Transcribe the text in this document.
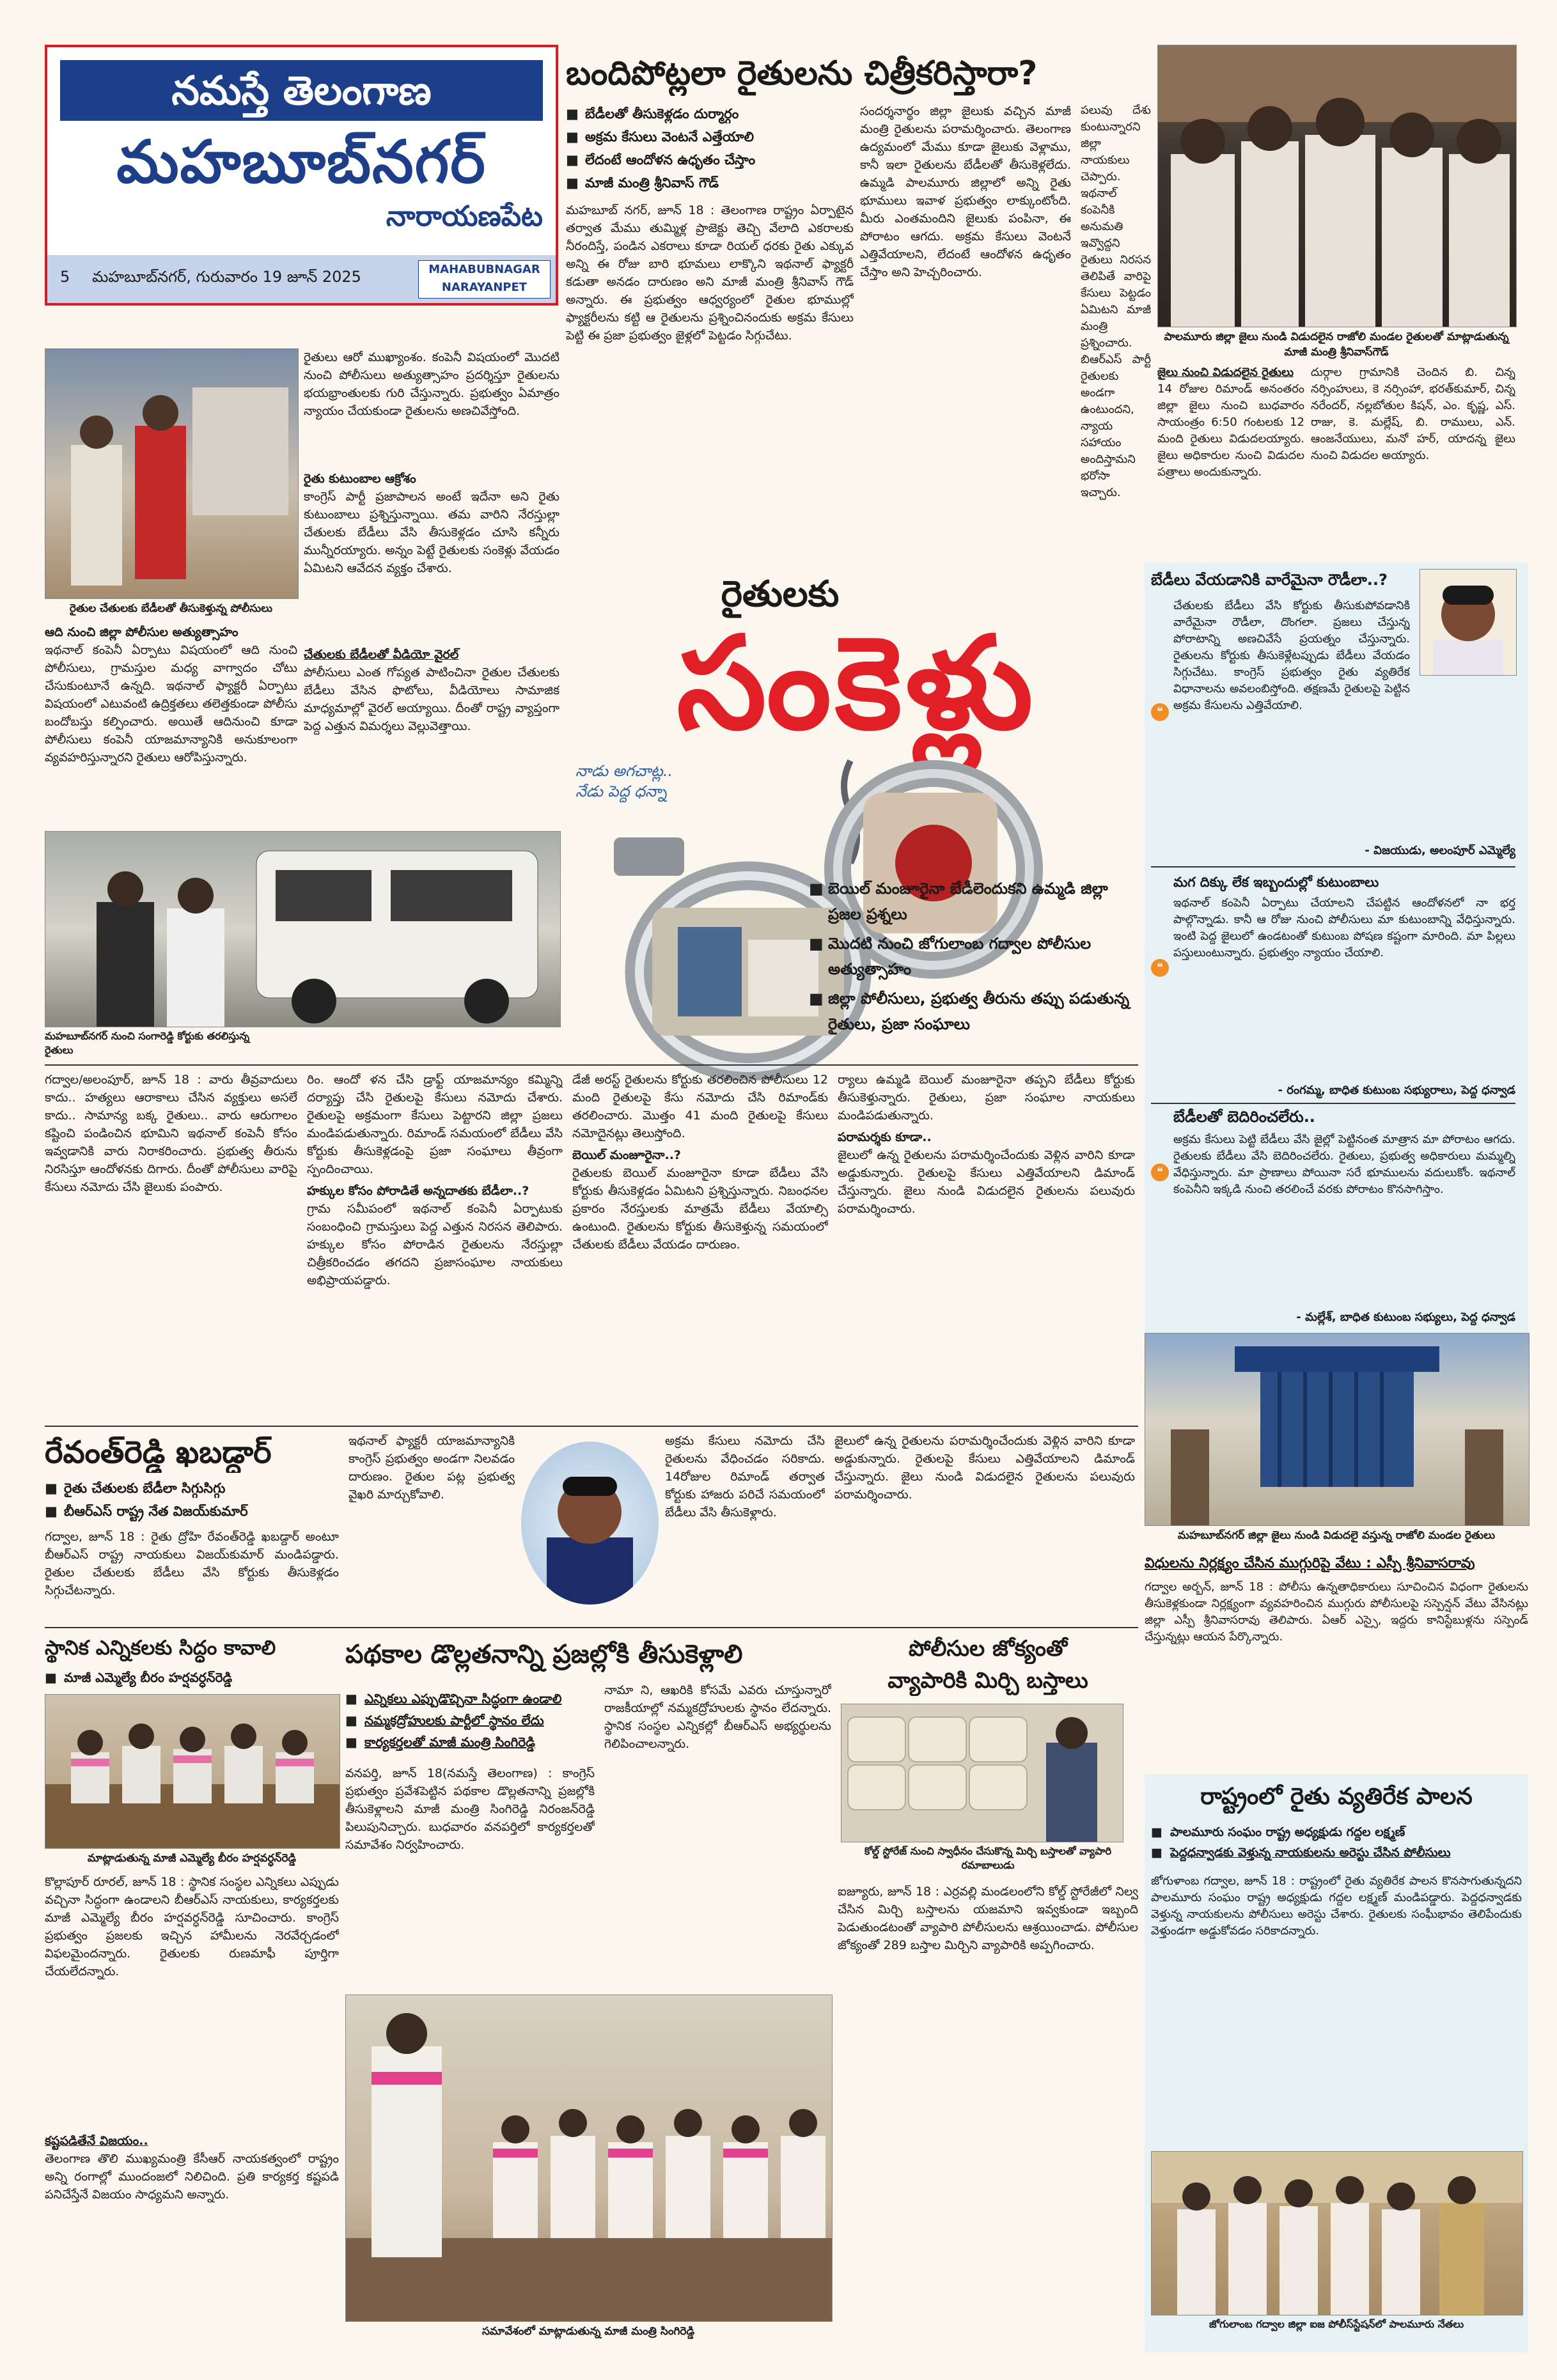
నమస్తే తెలంగాణ
మహబూబ్‌నగర్
నారాయణపేట
5 మహబూబ్‌నగర్, గురువారం 19 జూన్ 2025	MAHABUBNAGAR
NARAYANPET
బందిపోట్లలా రైతులను చిత్రీకరిస్తారా?
■ బేడీలతో తీసుకెళ్లడం దుర్మార్గం
■ అక్రమ కేసులు వెంటనే ఎత్తేయాలి
■ లేదంటే ఆందోళన ఉధృతం చేస్తాం
■ మాజీ మంత్రి శ్రీనివాస్ గౌడ్
మహబూబ్ నగర్, జూన్ 18 : తెలంగాణ రాష్ట్రం ఏర్పాటైన తర్వాత మేము తుమ్మిళ్ల ప్రాజెక్టు తెచ్చి వేలాది ఎకరాలకు నీరందిస్తే, పండిన ఎకరాలు కూడా రియల్ ధరకు రైతు ఎక్కువ అన్ని ఈ రోజు బారి భూమలు లాక్కొని ఇథనాల్ ఫ్యాక్టరీ కడుతా అనడం దారుణం అని మాజీ మంత్రి శ్రీనివాస్ గౌడ్ అన్నారు. ఈ ప్రభుత్వం ఆధ్వర్యంలో రైతుల భూముల్లో ఫ్యాక్టరీలను కట్టి ఆ రైతులను ప్రశ్నించినందుకు అక్రమ కేసులు పెట్టి ఈ ప్రజా ప్రభుత్వం జైళ్లలో పెట్టడం సిగ్గుచేటు.
సందర్శనార్థం జిల్లా జైలుకు వచ్చిన మాజీ మంత్రి రైతులను పరామర్శించారు. తెలంగాణ ఉద్యమంలో మేము కూడా జైలుకు వెళ్లాము, కానీ ఇలా రైతులను బేడీలతో తీసుకెళ్లలేదు. ఉమ్మడి పాలమూరు జిల్లాలో అన్ని రైతు భూములు ఇవాళ ప్రభుత్వం లాక్కుంటోంది. మీరు ఎంతమందిని జైలుకు పంపినా, ఈ పోరాటం ఆగదు. అక్రమ కేసులు వెంటనే ఎత్తివేయాలని, లేదంటే ఆందోళన ఉధృతం చేస్తాం అని హెచ్చరించారు.
పలువు దేశు కుంటున్నారని జిల్లా నాయకులు చెప్పారు. ఇథనాల్ కంపెనీకి అనుమతి ఇవ్వొద్దని రైతులు నిరసన తెలిపితే వారిపై కేసులు పెట్టడం ఏమిటని మాజీ మంత్రి ప్రశ్నించారు. బిఆర్ఎస్ పార్టీ రైతులకు అండగా ఉంటుందని, న్యాయ సహాయం అందిస్తామని భరోసా ఇచ్చారు.
పాలమూరు జిల్లా జైలు నుండి విడుదలైన రాజోలి మండల రైతులతో మాట్లాడుతున్న మాజీ మంత్రి శ్రీనివాస్‌గౌడ్
జైలు నుంచి విడుదలైన రైతులు
14 రోజుల రిమాండ్ అనంతరం జిల్లా జైలు నుంచి బుధవారం సాయంత్రం 6:50 గంటలకు 12 మంది రైతులు విడుదలయ్యారు. జైలు అధికారుల నుంచి విడుదల పత్రాలు అందుకున్నారు.
దుర్గాల గ్రామానికి చెందిన బి. చిన్న నర్సింహులు, కె నర్సింహా, భరత్‌కుమార్, చిన్న నరేందర్, నల్లబోతుల కిషన్, ఎం. కృష్ణ, ఎస్. రాజు, కె. మల్లేష్, బి. రాములు, ఎన్. ఆంజనేయులు, మనో హర్, యాదన్న జైలు నుంచి విడుదల అయ్యారు.
రైతుల చేతులకు బేడీలతో తీసుకెళ్తున్న పోలీసులు
రైతులు ఆరో ముఖ్యాంశం. కంపెనీ విషయంలో మొదటి నుంచి పోలీసులు అత్యుత్సాహం ప్రదర్శిస్తూ రైతులను భయభ్రాంతులకు గురి చేస్తున్నారు. ప్రభుత్వం ఏమాత్రం న్యాయం చేయకుండా రైతులను అణచివేస్తోంది.
రైతు కుటుంబాల ఆక్రోశం
కాంగ్రెస్ పార్టీ ప్రజాపాలన అంటే ఇదేనా అని రైతు కుటుంబాలు ప్రశ్నిస్తున్నాయి. తమ వారిని నేరస్తుల్లా చేతులకు బేడీలు వేసి తీసుకెళ్లడం చూసి కన్నీరు మున్నీరయ్యారు. అన్నం పెట్టే రైతులకు సంకెళ్లు వేయడం ఏమిటని ఆవేదన వ్యక్తం చేశారు.
చేతులకు బేడీలతో వీడియో వైరల్
పోలీసులు ఎంత గోప్యత పాటించినా రైతుల చేతులకు బేడీలు వేసిన ఫొటోలు, వీడియోలు సామాజిక మాధ్యమాల్లో వైరల్ అయ్యాయి. దీంతో రాష్ట్ర వ్యాప్తంగా పెద్ద ఎత్తున విమర్శలు వెల్లువెత్తాయి.
ఆది నుంచి జిల్లా పోలీసుల అత్యుత్సాహం
ఇథనాల్ కంపెనీ ఏర్పాటు విషయంలో ఆది నుంచి పోలీసులు, గ్రామస్తుల మధ్య వాగ్వాదం చోటు చేసుకుంటూనే ఉన్నది. ఇథనాల్ ఫ్యాక్టరీ ఏర్పాటు విషయంలో ఎటువంటి ఉద్రిక్తతలు తలెత్తకుండా పోలీసు బందోబస్తు కల్పించారు. అయితే ఆదినుంచి కూడా పోలీసులు కంపెనీ యాజమాన్యానికి అనుకూలంగా వ్యవహరిస్తున్నారని రైతులు ఆరోపిస్తున్నారు.
మహబూబ్‌నగర్ నుంచి సంగారెడ్డి కోర్టుకు తరలిస్తున్న రైతులు
రైతులకు
సంకెళ్లు
నాడు అగచాట్ల.. నేడు పెద్ద ధన్నా
■ బెయిల్ మంజూరైనా బేడీలెందుకని ఉమ్మడి జిల్లా ప్రజల ప్రశ్నలు
■ మొదటి నుంచి జోగులాంబ గద్వాల పోలీసుల అత్యుత్సాహం
■ జిల్లా పోలీసులు, ప్రభుత్వ తీరును తప్పు పడుతున్న రైతులు, ప్రజా సంఘాలు
బేడీలు వేయడానికి వారేమైనా రౌడీలా..?
❝
చేతులకు బేడీలు వేసి కోర్టుకు తీసుకుపోవడానికి వారేమైనా రౌడీలా, దొంగలా. ప్రజలు చేస్తున్న పోరాటాన్ని అణచివేసే ప్రయత్నం చేస్తున్నారు. రైతులను కోర్టుకు తీసుకెళ్లేటప్పుడు బేడీలు వేయడం సిగ్గుచేటు. కాంగ్రెస్ ప్రభుత్వం రైతు వ్యతిరేక విధానాలను అవలంబిస్తోంది. తక్షణమే రైతులపై పెట్టిన అక్రమ కేసులను ఎత్తివేయాలి.
- విజయుడు, అలంపూర్ ఎమ్మెల్యే
మగ దిక్కు లేక ఇబ్బందుల్లో కుటుంబాలు
❝
ఇథనాల్ కంపెనీ ఏర్పాటు చేయాలని చేపట్టిన ఆందోళనలో నా భర్త పాల్గొన్నాడు. కానీ ఆ రోజు నుంచి పోలీసులు మా కుటుంబాన్ని వేధిస్తున్నారు. ఇంటి పెద్ద జైలులో ఉండటంతో కుటుంబ పోషణ కష్టంగా మారింది. మా పిల్లలు పస్తులుంటున్నారు. ప్రభుత్వం న్యాయం చేయాలి.
- రంగమ్మ, బాధిత కుటుంబ సభ్యురాలు, పెద్ద ధన్వాడ
బేడీలతో బెదిరించలేరు..
❝
అక్రమ కేసులు పెట్టి బేడీలు వేసి జైల్లో పెట్టినంత మాత్రాన మా పోరాటం ఆగదు. రైతులకు బేడీలు వేసి బెదిరించలేరు. రైతులు, ప్రభుత్వ అధికారులు మమ్మల్ని వేధిస్తున్నారు. మా ప్రాణాలు పోయినా సరే భూములను వదులుకోం. ఇథనాల్ కంపెనీని ఇక్కడి నుంచి తరలించే వరకు పోరాటం కొనసాగిస్తాం.
- మల్లేశ్, బాధిత కుటుంబ సభ్యులు, పెద్ద ధన్వాడ
మహబూబ్‌నగర్ జిల్లా జైలు నుండి విడుదలై వస్తున్న రాజోలి మండల రైతులు
విధులను నిర్లక్ష్యం చేసిన ముగ్గురిపై వేటు : ఎస్పీ శ్రీనివాసరావు
గద్వాల అర్బన్, జూన్ 18 : పోలీసు ఉన్నతాధికారులు సూచించిన విధంగా రైతులను తీసుకెళ్లకుండా నిర్లక్ష్యంగా వ్యవహరించిన ముగ్గురు పోలీసులపై సస్పెన్షన్ వేటు వేసినట్లు జిల్లా ఎస్పీ శ్రీనివాసరావు తెలిపారు. ఏఆర్ ఎస్సై, ఇద్దరు కానిస్టేబుళ్లను సస్పెండ్ చేస్తున్నట్లు ఆయన పేర్కొన్నారు.
గద్వాల/అలంపూర్, జూన్ 18 : వారు తీవ్రవాదులు కాదు.. హత్యలు ఆరాకాలు చేసిన వ్యక్తులు అసలే కాదు.. సామాన్య బక్క రైతులు.. వారు ఆరుగాలం కష్టించి పండించిన భూమిని ఇథనాల్ కంపెనీ కోసం ఇవ్వడానికి వారు నిరాకరించారు. ప్రభుత్వ తీరును నిరసిస్తూ ఆందోళనకు దిగారు. దీంతో పోలీసులు వారిపై కేసులు నమోదు చేసి జైలుకు పంపారు.
రిం. ఆందో ళన చేసి డ్రాఫ్ట్ యాజమాన్యం కమ్మిన్ని దర్యాప్తు చేసి రైతులపై కేసులు నమోదు చేశారు. రైతులపై అక్రమంగా కేసులు పెట్టారని జిల్లా ప్రజలు మండిపడుతున్నారు. రిమాండ్ సమయంలో బేడీలు వేసి కోర్టుకు తీసుకెళ్లడంపై ప్రజా సంఘాలు తీవ్రంగా స్పందించాయి.
హక్కుల కోసం పోరాడితే అన్నదాతకు బేడీలా..?
గ్రామ సమీపంలో ఇథనాల్ కంపెనీ ఏర్పాటుకు సంబంధించి గ్రామస్తులు పెద్ద ఎత్తున నిరసన తెలిపారు. హక్కుల కోసం పోరాడిన రైతులను నేరస్తుల్లా చిత్రీకరించడం తగదని ప్రజాసంఘాల నాయకులు అభిప్రాయపడ్డారు.
డేజీ అరస్ట్ రైతులను కోర్టుకు తరలించిన పోలీసులు 12 మంది రైతులపై కేసు నమోదు చేసి రిమాండ్‌కు తరలించారు. మొత్తం 41 మంది రైతులపై కేసులు నమోదైనట్లు తెలుస్తోంది.
బెయిల్ మంజూరైనా..?
రైతులకు బెయిల్ మంజూరైనా కూడా బేడీలు వేసి కోర్టుకు తీసుకెళ్లడం ఏమిటని ప్రశ్నిస్తున్నారు. నిబంధనల ప్రకారం నేరస్తులకు మాత్రమే బేడీలు వేయాల్సి ఉంటుంది. రైతులను కోర్టుకు తీసుకెళ్తున్న సమయంలో చేతులకు బేడీలు వేయడం దారుణం.
ర్యాలు ఉమ్మడి బెయిల్ మంజూరైనా తప్పని బేడీలు కోర్టుకు తీసుకెళ్తున్నారు. రైతులు, ప్రజా సంఘాల నాయకులు మండిపడుతున్నారు.
పరామర్శకు కూడా..
జైలులో ఉన్న రైతులను పరామర్శించేందుకు వెళ్లిన వారిని కూడా అడ్డుకున్నారు. రైతులపై కేసులు ఎత్తివేయాలని డిమాండ్ చేస్తున్నారు. జైలు నుండి విడుదలైన రైతులను పలువురు పరామర్శించారు.
రేవంత్‌రెడ్డి ఖబడ్దార్
■ రైతు చేతులకు బేడీలా సిగ్గుసిగ్గు
■ బీఆర్ఎస్ రాష్ట్ర నేత విజయ్‌కుమార్
గద్వాల, జూన్ 18 : రైతు ద్రోహి రేవంత్‌రెడ్డి ఖబడ్దార్ అంటూ బీఆర్ఎస్ రాష్ట్ర నాయకులు విజయ్‌కుమార్ మండిపడ్డారు. రైతుల చేతులకు బేడీలు వేసి కోర్టుకు తీసుకెళ్లడం సిగ్గుచేటన్నారు.
ఇథనాల్ ఫ్యాక్టరీ యాజమాన్యానికి కాంగ్రెస్ ప్రభుత్వం అండగా నిలవడం దారుణం. రైతుల పట్ల ప్రభుత్వ వైఖరి మార్చుకోవాలి.
అక్రమ కేసులు నమోదు చేసి రైతులను వేధించడం సరికాదు. 14రోజుల రిమాండ్ తర్వాత కోర్టుకు హాజరు పరిచే సమయంలో బేడీలు వేసి తీసుకెళ్లారు.
జైలులో ఉన్న రైతులను పరామర్శించేందుకు వెళ్లిన వారిని కూడా అడ్డుకున్నారు. రైతులపై కేసులు ఎత్తివేయాలని డిమాండ్ చేస్తున్నారు. జైలు నుండి విడుదలైన రైతులను పలువురు పరామర్శించారు.
స్థానిక ఎన్నికలకు సిద్ధం కావాలి
■ మాజీ ఎమ్మెల్యే బీరం హర్షవర్ధన్‌రెడ్డి
మాట్లాడుతున్న మాజీ ఎమ్మెల్యే బీరం హర్షవర్ధన్‌రెడ్డి
కొల్లాపూర్ రూరల్, జూన్ 18 : స్థానిక సంస్థల ఎన్నికలు ఎప్పుడు వచ్చినా సిద్ధంగా ఉండాలని బీఆర్ఎస్ నాయకులు, కార్యకర్తలకు మాజీ ఎమ్మెల్యే బీరం హర్షవర్ధన్‌రెడ్డి సూచించారు. కాంగ్రెస్ ప్రభుత్వం ప్రజలకు ఇచ్చిన హామీలను నెరవేర్చడంలో విఫలమైందన్నారు. రైతులకు రుణమాఫీ పూర్తిగా చేయలేదన్నారు.
కష్టపడితేనే విజయం..
తెలంగాణ తొలి ముఖ్యమంత్రి కేసీఆర్ నాయకత్వంలో రాష్ట్రం అన్ని రంగాల్లో ముందంజలో నిలిచింది. ప్రతి కార్యకర్త కష్టపడి పనిచేస్తేనే విజయం సాధ్యమని అన్నారు.
పథకాల డొల్లతనాన్ని ప్రజల్లోకి తీసుకెళ్లాలి
■ ఎన్నికలు ఎప్పుడొచ్చినా సిద్ధంగా ఉండాలి
■ నమ్మకద్రోహులకు పార్టీలో స్థానం లేదు
■ కార్యకర్తలతో మాజీ మంత్రి సింగిరెడ్డి
వనపర్తి, జూన్ 18(నమస్తే తెలంగాణ) : కాంగ్రెస్ ప్రభుత్వం ప్రవేశపెట్టిన పథకాల డొల్లతనాన్ని ప్రజల్లోకి తీసుకెళ్లాలని మాజీ మంత్రి సింగిరెడ్డి నిరంజన్‌రెడ్డి పిలుపునిచ్చారు. బుధవారం వనపర్తిలో కార్యకర్తలతో సమావేశం నిర్వహించారు.
నామా ని, ఆఖరికి కోసమే ఎవరు చూస్తున్నారో రాజకీయాల్లో నమ్మకద్రోహులకు స్థానం లేదన్నారు. స్థానిక సంస్థల ఎన్నికల్లో బీఆర్ఎస్ అభ్యర్థులను గెలిపించాలన్నారు.
సమావేశంలో మాట్లాడుతున్న మాజీ మంత్రి సింగిరెడ్డి
పోలీసుల జోక్యంతో
వ్యాపారికి మిర్చి బస్తాలు
కోల్డ్ స్టోరేజ్ నుంచి స్వాధీనం చేసుకొన్న మిర్చి బస్తాలతో వ్యాపారి రమాబాలుడు
ఐజ్యూరు, జూన్ 18 : ఎర్రవల్లి మండలంలోని కోల్డ్ స్టోరేజీలో నిల్వ చేసిన మిర్చి బస్తాలను యజమాని ఇవ్వకుండా ఇబ్బంది పెడుతుండటంతో వ్యాపారి పోలీసులను ఆశ్రయించాడు. పోలీసుల జోక్యంతో 289 బస్తాల మిర్చిని వ్యాపారికి అప్పగించారు.
రాష్ట్రంలో రైతు వ్యతిరేక పాలన
■ పాలమూరు సంఘం రాష్ట్ర అధ్యక్షుడు గద్దల లక్ష్మణ్
■ పెద్దధన్వాడకు వెళ్తున్న నాయకులను అరెస్టు చేసిన పోలీసులు
జోగుళాంబ గద్వాల, జూన్ 18 : రాష్ట్రంలో రైతు వ్యతిరేక పాలన కొనసాగుతున్నదని పాలమూరు సంఘం రాష్ట్ర అధ్యక్షుడు గద్దల లక్ష్మణ్ మండిపడ్డారు. పెద్దధన్వాడకు వెళ్తున్న నాయకులను పోలీసులు అరెస్టు చేశారు. రైతులకు సంఘీభావం తెలిపేందుకు వెళ్తుండగా అడ్డుకోవడం సరికాదన్నారు.
జోగులాంబ గద్వాల జిల్లా ఐజ పోలీస్‌స్టేషన్‌లో పాలమూరు నేతలు
